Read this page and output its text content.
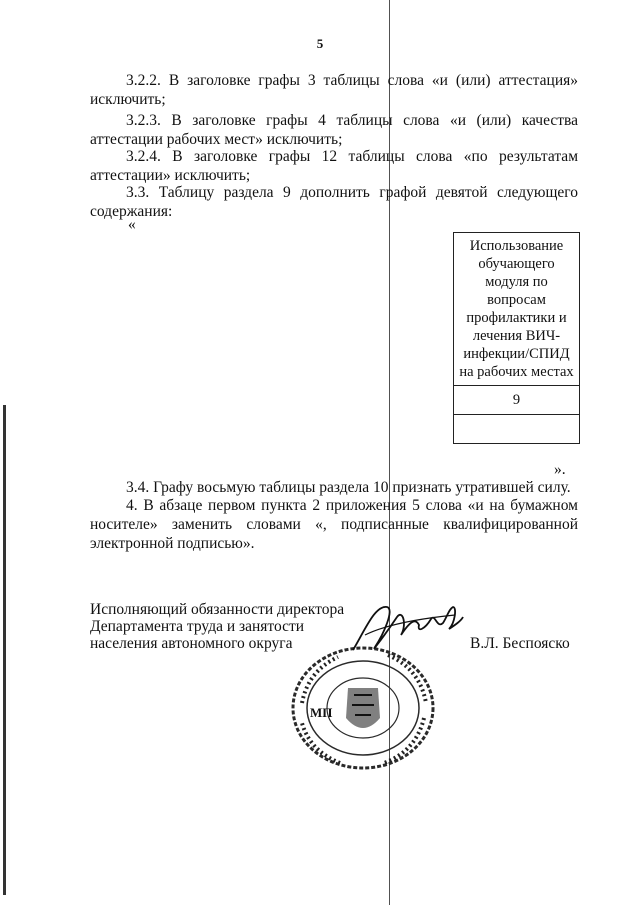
5

3.2.2. В заголовке графы 3 таблицы слова «и (или) аттестация» исключить;

3.2.3. В заголовке графы 4 таблицы слова «и (или) качества аттестации рабочих мест» исключить;

3.2.4. В заголовке графы 12 таблицы слова «по результатам аттестации» исключить;

3.3. Таблицу раздела 9 дополнить графой девятой следующего содержания:

«
Использование обучающего модуля по вопросам профилактики и лечения ВИЧ-инфекции/СПИД на рабочих местах
9

».

3.4. Графу восьмую таблицы раздела 10 признать утратившей силу.

4. В абзаце первом пункта 2 приложения 5 слова «и на бумажном носителе» заменить словами «, подписанные квалифицированной электронной подписью».

Исполняющий обязанности директора
Департамента труда и занятости
населения автономного округа	В.Л. Беспояско
МП
